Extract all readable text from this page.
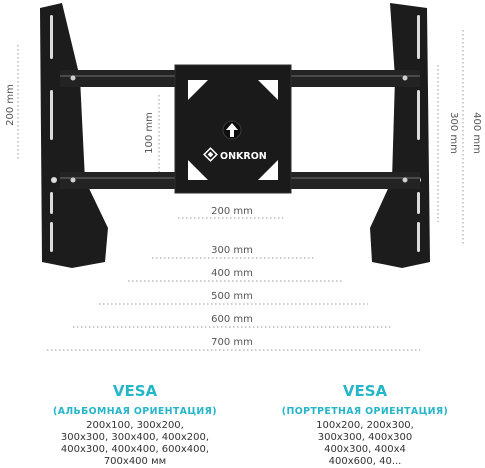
ONKRON
200 mm
100 mm	300 mm 400 mm
200 mm
300 mm
400 mm
500 mm
600 mm
700 mm
VESA
(АЛЬБОМНАЯ ОРИЕНТАЦИЯ)
200x100, 300x200,
300x300, 300x400, 400x200,
400x300, 400x400, 600x400,
700x400 мм
VESA
(ПОРТРЕТНАЯ ОРИЕНТАЦИЯ)
100x200, 200x300,
300x300, 400x300
400x300, 400x4
400x600, 40...
